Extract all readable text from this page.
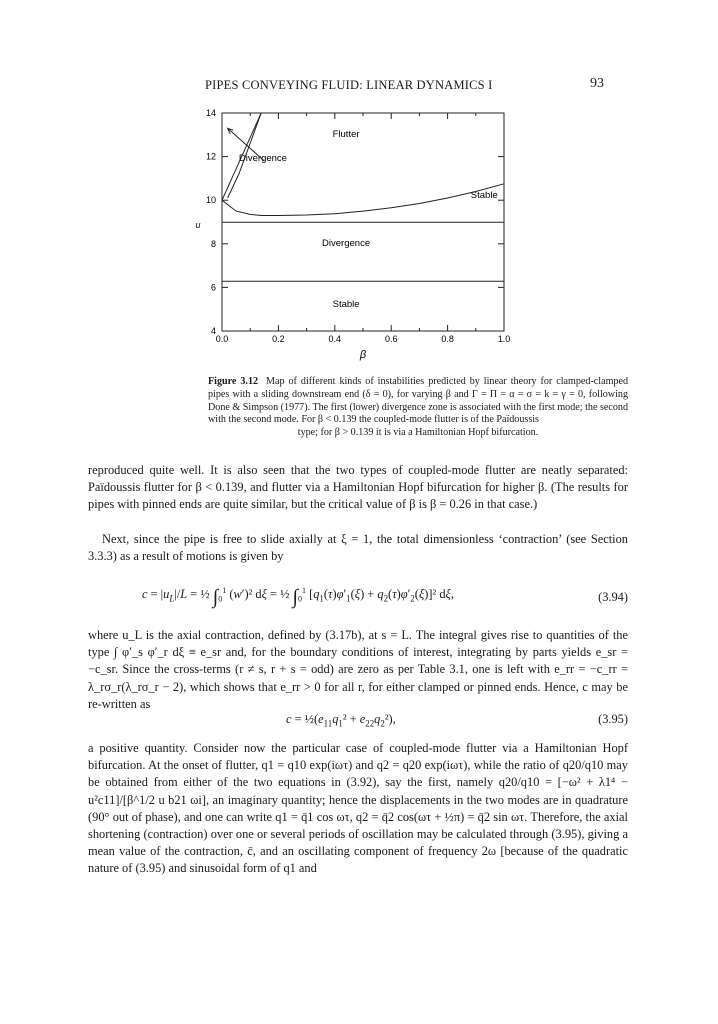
PIPES CONVEYING FLUID: LINEAR DYNAMICS I	93
0.0	0.2	0.4	0.6	0.8	1.0
4
6
8
10
12
14
Flutter
Divergence
Stable
Divergence
Stable
β
u
Figure 3.12 Map of different kinds of instabilities predicted by linear theory for clamped-clamped pipes with a sliding downstream end (δ = 0), for varying β and Γ = Π = α = σ = k = γ = 0, following Done & Simpson (1977). The first (lower) divergence zone is associated with the first mode; the second with the second mode. For β < 0.139 the coupled-mode flutter is of the Païdoussis
type; for β > 0.139 it is via a Hamiltonian Hopf bifurcation.
reproduced quite well. It is also seen that the two types of coupled-mode flutter are neatly separated: Païdoussis flutter for β < 0.139, and flutter via a Hamiltonian Hopf bifurcation for higher β. (The results for pipes with pinned ends are quite similar, but the critical value of β is β = 0.26 in that case.)
Next, since the pipe is free to slide axially at ξ = 1, the total dimensionless ‘contraction’ (see Section 3.3.3) as a result of motions is given by
$c = |u_L|/L$ = ½ $\int_0^1$ (w′)² dξ = ½ $\int_0^1$ $[q_1(\tau)\varphi'_1(\xi) + q_2(\tau)\varphi'_2(\xi)]^2$ dξ,	(3.94)
where u_L is the axial contraction, defined by (3.17b), at s = L. The integral gives rise to quantities of the type ∫ φ′_s φ′_r dξ ≡ e_sr and, for the boundary conditions of interest, integrating by parts yields e_sr = −c_sr. Since the cross-terms (r ≠ s, r + s = odd) are zero as per Table 3.1, one is left with e_rr = −c_rr = λ_rσ_r(λ_rσ_r − 2), which shows that e_rr > 0 for all r, for either clamped or pinned ends. Hence, c may be re-written as
$c = \frac{1}{2}(e_{11}q_1^2 + e_{22}q_2^2)$,	(3.95)
a positive quantity. Consider now the particular case of coupled-mode flutter via a Hamiltonian Hopf bifurcation. At the onset of flutter, q1 = q10 exp(iωτ) and q2 = q20 exp(iωτ), while the ratio of q20/q10 may be obtained from either of the two equations in (3.92), say the first, namely q20/q10 = [−ω² + λ1⁴ − u²c11]/[β^1/2 u b21 ωi], an imaginary quantity; hence the displacements in the two modes are in quadrature (90° out of phase), and one can write q1 = q̄1 cos ωτ, q2 = q̄2 cos(ωτ + ½π) = q̄2 sin ωτ. Therefore, the axial shortening (contraction) over one or several periods of oscillation may be calculated through (3.95), giving a mean value of the contraction, c̄, and an oscillating component of frequency 2ω [because of the quadratic nature of (3.95) and sinusoidal form of q1 and
